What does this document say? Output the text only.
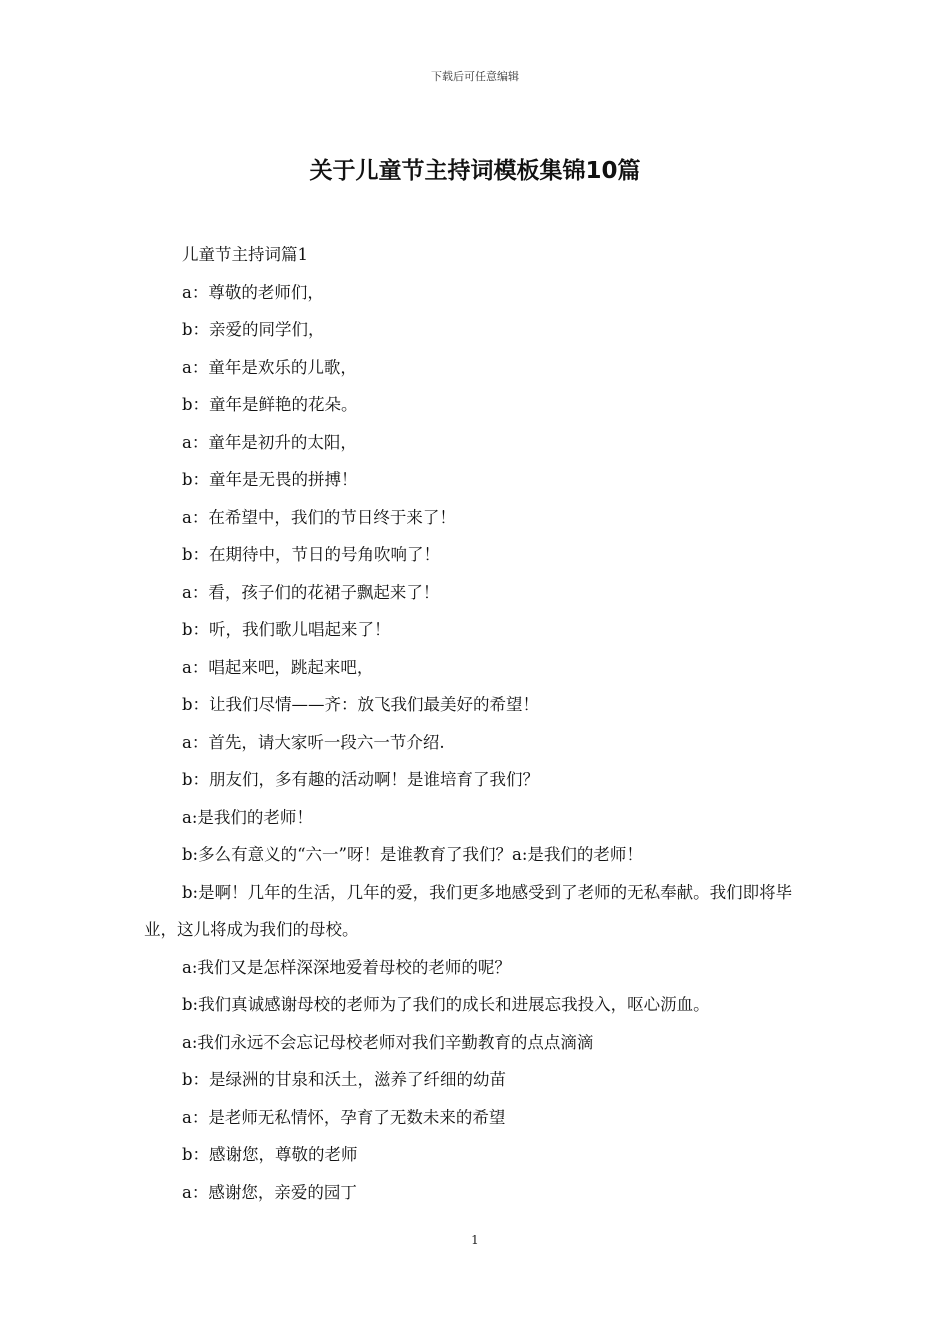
下载后可任意编辑
关于儿童节主持词模板集锦10篇

儿童节主持词篇1

a：尊敬的老师们，

b：亲爱的同学们，

a：童年是欢乐的儿歌，

b：童年是鲜艳的花朵。

a：童年是初升的太阳，

b：童年是无畏的拼搏！

a：在希望中，我们的节日终于来了！

b：在期待中，节日的号角吹响了！

a：看，孩子们的花裙子飘起来了！

b：听，我们歌儿唱起来了！

a：唱起来吧，跳起来吧，

b：让我们尽情——齐：放飞我们最美好的希望！

a：首先，请大家听一段六一节介绍.

b：朋友们，多有趣的活动啊！是谁培育了我们？

a:是我们的老师！

b:多么有意义的“六一”呀！是谁教育了我们？a:是我们的老师！

b:是啊！几年的生活，几年的爱，我们更多地感受到了老师的无私奉献。我们即将毕业，这儿将成为我们的母校。

a:我们又是怎样深深地爱着母校的老师的呢？

b:我们真诚感谢母校的老师为了我们的成长和进展忘我投入，呕心沥血。

a:我们永远不会忘记母校老师对我们辛勤教育的点点滴滴

b：是绿洲的甘泉和沃土，滋养了纤细的幼苗

a：是老师无私情怀，孕育了无数未来的希望

b：感谢您，尊敬的老师

a：感谢您，亲爱的园丁

1
